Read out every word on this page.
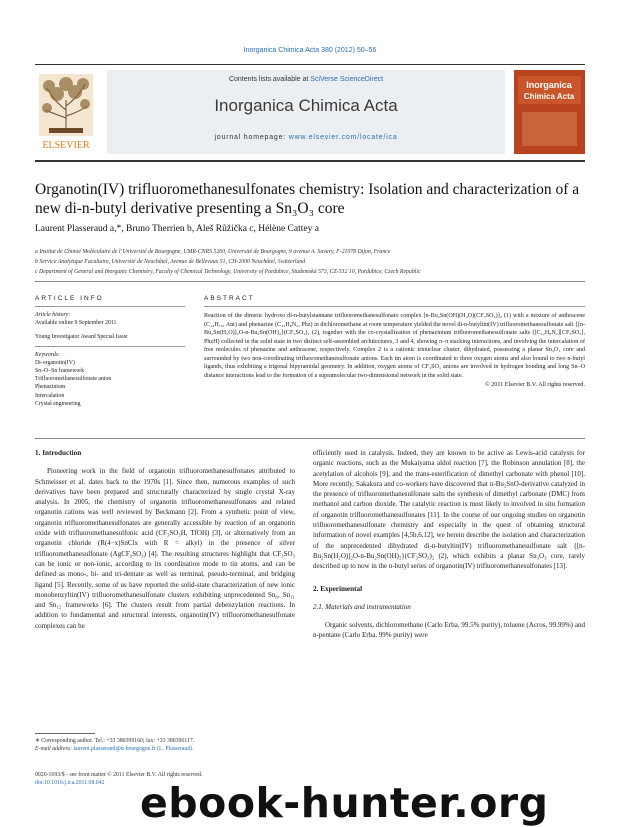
Inorganica Chimica Acta 380 (2012) 50–56
ELSEVIER
Contents lists available at SciVerse ScienceDirect
Inorganica Chimica Acta
journal homepage: www.elsevier.com/locate/ica
Inorganica
Chimica Acta
Organotin(IV) trifluoromethanesulfonates chemistry: Isolation and characterization of a new di-n-butyl derivative presenting a Sn₃O₃ core
Laurent Plasseraud a,*, Bruno Therrien b, Aleš Růžička c, Hélène Cattey a
a Institut de Chimie Moléculaire de l’Université de Bourgogne, UMR-CNRS 5260, Université de Bourgogne, 9 avenue A. Savary, F-21078 Dijon, France
b Service Analytique Facultaire, Université de Neuchâtel, Avenue de Bellevaux 51, CH-2000 Neuchâtel, Switzerland
c Department of General and Inorganic Chemistry, Faculty of Chemical Technology, University of Pardubice, Studentská 573, CZ-532 10, Pardubice, Czech Republic
ARTICLE INFO
Article history:
Available online 9 September 2011
Young Investigator Award Special Issue
Keywords:
Di-organotin(IV)
Sn–O–Sn framework
Trifluoromethanesulfonate anion
Phenazinium
Intercalation
Crystal engineering
ABSTRACT
Reaction of the dimeric hydroxo di-n-butylstannane trifluoromethanesulfonato complex [n-Bu₂Sn(OH)(H₂O)(CF₃SO₃)]₂ (1) with a mixture of anthracene (C₁₄H₁₀, Ant) and phenazine (C₁₂H₈N₂, Phz) in dichloromethane at room temperature yielded the novel di-n-butyltin(IV) trifluoromethanesulfonate salt {[n-Bu₂Sn(H₂O)]₂O-n-Bu₂Sn(OH)₂}(CF₃SO₃)₂ (2), together with the co-crystallization of phenazinium trifluoromethanesulfonate salts ([C₁₂H₈N₂][CF₃SO₃], PhzH) collected in the solid state in two distinct self-assembled architectures, 3 and 4, showing π–π stacking interactions, and involving the intercalation of free molecules of phenazine and anthracene, respectively. Complex 2 is a cationic trinuclear cluster, dihydrated, possessing a planar Sn₃O₃ core and surrounded by two non-coordinating trifluoromethanesulfonate anions. Each tin atom is coordinated to three oxygen atoms and also bound to two n-butyl ligands, thus exhibiting a trigonal bipyramidal geometry. In addition, oxygen atoms of CF₃SO₃ anions are involved in hydrogen bonding and long Sn–O distance interactions lead to the formation of a supramolecular two-dimensional network in the solid state.
© 2011 Elsevier B.V. All rights reserved.
1. Introduction

Pioneering work in the field of organotin trifluoromethanesulfonates attributed to Schmeisser et al. dates back to the 1970s [1]. Since then, numerous examples of such derivatives have been prepared and structurally characterized by single crystal X-ray analysis. In 2005, the chemistry of organotin trifluoromethanesulfonates and related organotin cations was well reviewed by Beckmann [2]. From a synthetic point of view, organotin trifluoromethanesulfonates are generally accessible by reaction of an organotin oxide with trifluoromethanesulfonic acid (CF₃SO₃H, TfOH) [3], or alternatively from an organotin chloride (R(4−x)SnClx with R = alkyl) in the presence of silver trifluoromethanesulfonate (AgCF₃SO₃) [4]. The resulting structures highlight that CF₃SO₃ can be ionic or non-ionic, according to its coordination mode to tin atoms, and can be defined as mono-, bi- and tri-dentate as well as terminal, pseudo-terminal, and bridging ligand [5]. Recently, some of us have reported the solid-state characterization of new ionic monobenzyltin(IV) trifluoromethanesulfonate clusters exhibiting unprecedented Sn₆, Sn₁₁ and Sn₁₂ frameworks [6]. The clusters result from partial debenzylation reactions. In addition to fundamental and structural interests, organotin(IV) trifluoromethanesulfonate complexes can be

efficiently used in catalysis. Indeed, they are known to be active as Lewis-acid catalysts for organic reactions, such as the Mukaiyama aldol reaction [7], the Robinson annulation [8], the acetylation of alcohols [9], and the trans-esterification of dimethyl carbonate with phenol [10]. More recently, Sakakura and co-workers have discovered that n-Bu₂SnO-derivative catalyzed in the presence of trifluoromethanesulfonate salts the synthesis of dimethyl carbonate (DMC) from methanol and carbon dioxide. The catalytic reaction is most likely to involved in situ formation of organotin trifluoromethanesulfonates [11]. In the course of our ongoing studies on organotin trifluoromethanesulfonate chemistry and especially in the quest of obtaining structural information of novel examples [4,5b,6,12], we herein describe the isolation and characterization of the unprecedented dihydrated di-n-butyltin(IV) trifluoromethanesulfonate salt {[n-Bu₂Sn(H₂O)]₂O-n-Bu₂Sn(OH)₂}(CF₃SO₃)₂ (2), which exhibits a planar Sn₃O₃ core, rarely described up to now in the n-butyl series of organotin(IV) trifluoromethanesulfonates [13].

2. Experimental
2.1. Materials and instrumentation

Organic solvents, dichloromethane (Carlo Erba, 99.5% purity), toluene (Acros, 99.99%) and n-pentane (Carlo Erba, 99% purity) were

∗ Corresponding author. Tel.: +33 380399160; fax: +33 380396117.
E-mail address: laurent.plasseraud@u-bourgogne.fr (L. Plasseraud).
0020-1693/$ - see front matter © 2011 Elsevier B.V. All rights reserved.
doi:10.1016/j.ica.2011.08.042 ebook-hunter.org
